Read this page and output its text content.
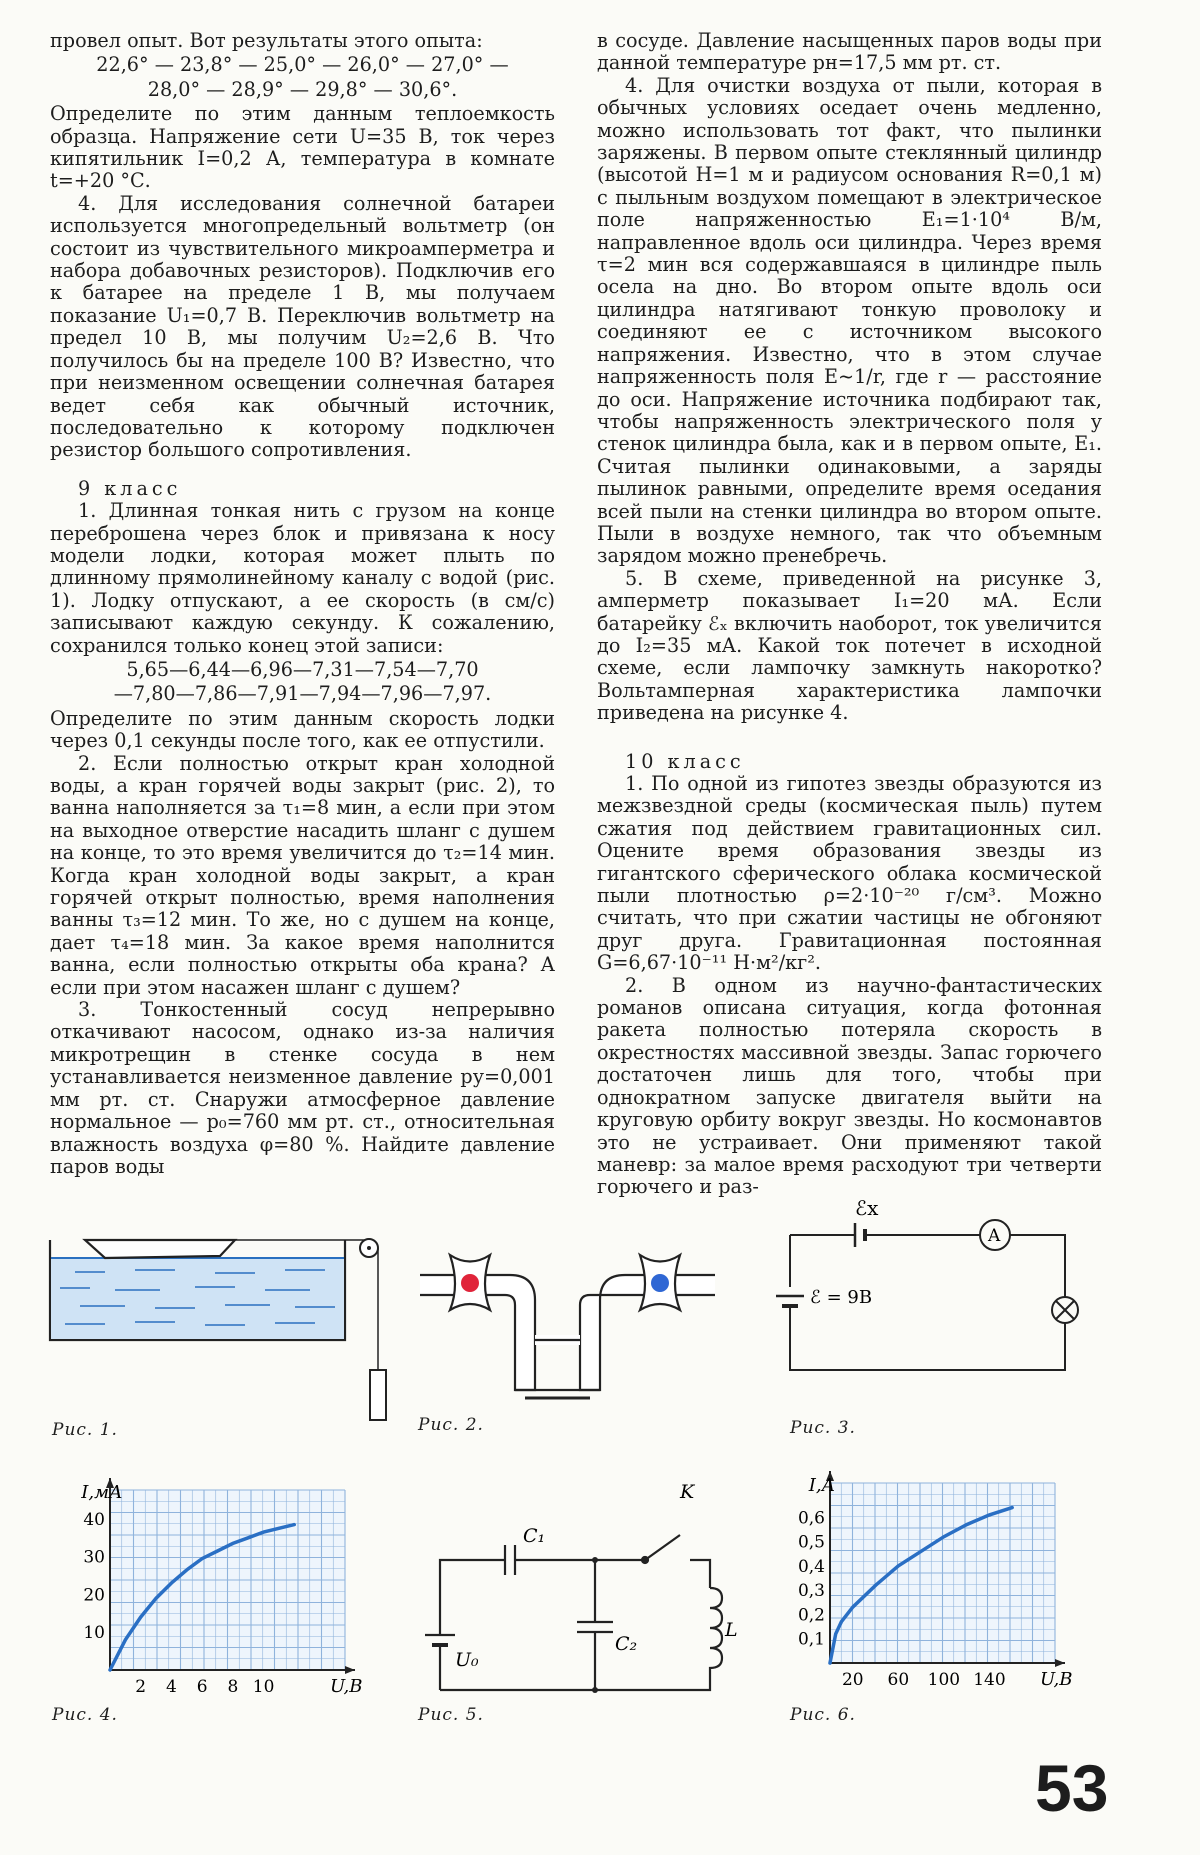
провел опыт. Вот результаты этого опыта:

22,6° — 23,8° — 25,0° — 26,0° — 27,0° —

28,0° — 28,9° — 29,8° — 30,6°.

Определите по этим данным теплоемкость образца. Напряжение сети U=35 В, ток через кипятильник I=0,2 А, температура в комнате t=+20 °С.

4. Для исследования солнечной батареи используется многопредельный вольтметр (он состоит из чувствительного микроамперметра и набора добавочных резисторов). Подключив его к батарее на пределе 1 В, мы получаем показание U₁=0,7 В. Переключив вольтметр на предел 10 В, мы получим U₂=2,6 В. Что получилось бы на пределе 100 В? Известно, что при неизменном освещении солнечная батарея ведет себя как обычный источник, последовательно к которому подключен резистор большого сопротивления.

9 класс

1. Длинная тонкая нить с грузом на конце переброшена через блок и привязана к носу модели лодки, которая может плыть по длинному прямолинейному каналу с водой (рис. 1). Лодку отпускают, а ее скорость (в см/с) записывают каждую секунду. К сожалению, сохранился только конец этой записи:

5,65—6,44—6,96—7,31—7,54—7,70

—7,80—7,86—7,91—7,94—7,96—7,97.

Определите по этим данным скорость лодки через 0,1 секунды после того, как ее отпустили.

2. Если полностью открыт кран холодной воды, а кран горячей воды закрыт (рис. 2), то ванна наполняется за τ₁=8 мин, а если при этом на выходное отверстие насадить шланг с душем на конце, то это время увеличится до τ₂=14 мин. Когда кран холодной воды закрыт, а кран горячей открыт полностью, время наполнения ванны τ₃=12 мин. То же, но с душем на конце, дает τ₄=18 мин. За какое время наполнится ванна, если полностью открыты оба крана? А если при этом насажен шланг с душем?

3. Тонкостенный сосуд непрерывно откачивают насосом, однако из-за наличия микротрещин в стенке сосуда в нем устанавливается неизменное давление pу=0,001 мм рт. ст. Снаружи атмосферное давление нормальное — p₀=760 мм рт. ст., относительная влажность воздуха φ=80 %. Найдите давление паров воды

в сосуде. Давление насыщенных паров воды при данной температуре pн=17,5 мм рт. ст.

4. Для очистки воздуха от пыли, которая в обычных условиях оседает очень медленно, можно использовать тот факт, что пылинки заряжены. В первом опыте стеклянный цилиндр (высотой H=1 м и радиусом основания R=0,1 м) с пыльным воздухом помещают в электрическое поле напряженностью E₁=1·10⁴ В/м, направленное вдоль оси цилиндра. Через время τ=2 мин вся содержавшаяся в цилиндре пыль осела на дно. Во втором опыте вдоль оси цилиндра натягивают тонкую проволоку и соединяют ее с источником высокого напряжения. Известно, что в этом случае напряженность поля E~1/r, где r — расстояние до оси. Напряжение источника подбирают так, чтобы напряженность электрического поля у стенок цилиндра была, как и в первом опыте, E₁. Считая пылинки одинаковыми, а заряды пылинок равными, определите время оседания всей пыли на стенки цилиндра во втором опыте. Пыли в воздухе немного, так что объемным зарядом можно пренебречь.

5. В схеме, приведенной на рисунке 3, амперметр показывает I₁=20 мА. Если батарейку ℰₓ включить наоборот, ток увеличится до I₂=35 мА. Какой ток потечет в исходной схеме, если лампочку замкнуть накоротко? Вольтамперная характеристика лампочки приведена на рисунке 4.

10 класс

1. По одной из гипотез звезды образуются из межзвездной среды (космическая пыль) путем сжатия под действием гравитационных сил. Оцените время образования звезды из гигантского сферического облака космической пыли плотностью ρ=2·10⁻²⁰ г/см³. Можно считать, что при сжатии частицы не обгоняют друг друга. Гравитационная постоянная G=6,67·10⁻¹¹ Н·м²/кг².

2. В одном из научно-фантастических романов описана ситуация, когда фотонная ракета полностью потеряла скорость в окрестностях массивной звезды. Запас горючего достаточен лишь для того, чтобы при однократном запуске двигателя выйти на круговую орбиту вокруг звезды. Но космонавтов это не устраивает. Они применяют такой маневр: за малое время расходуют три четверти горючего и раз-

A
ℰx
ℰ = 9В
2 4 6 8 10
10
20
30
40
U,В
I,мА
C₁
C₂
K
L
U₀
20 60 100 140
0,1
0,2
0,3
0,4
0,5
0,6
U,В
I,А
Рис. 1.	Рис. 2.	Рис. 3.
Рис. 4.	Рис. 5.	Рис. 6.
53
